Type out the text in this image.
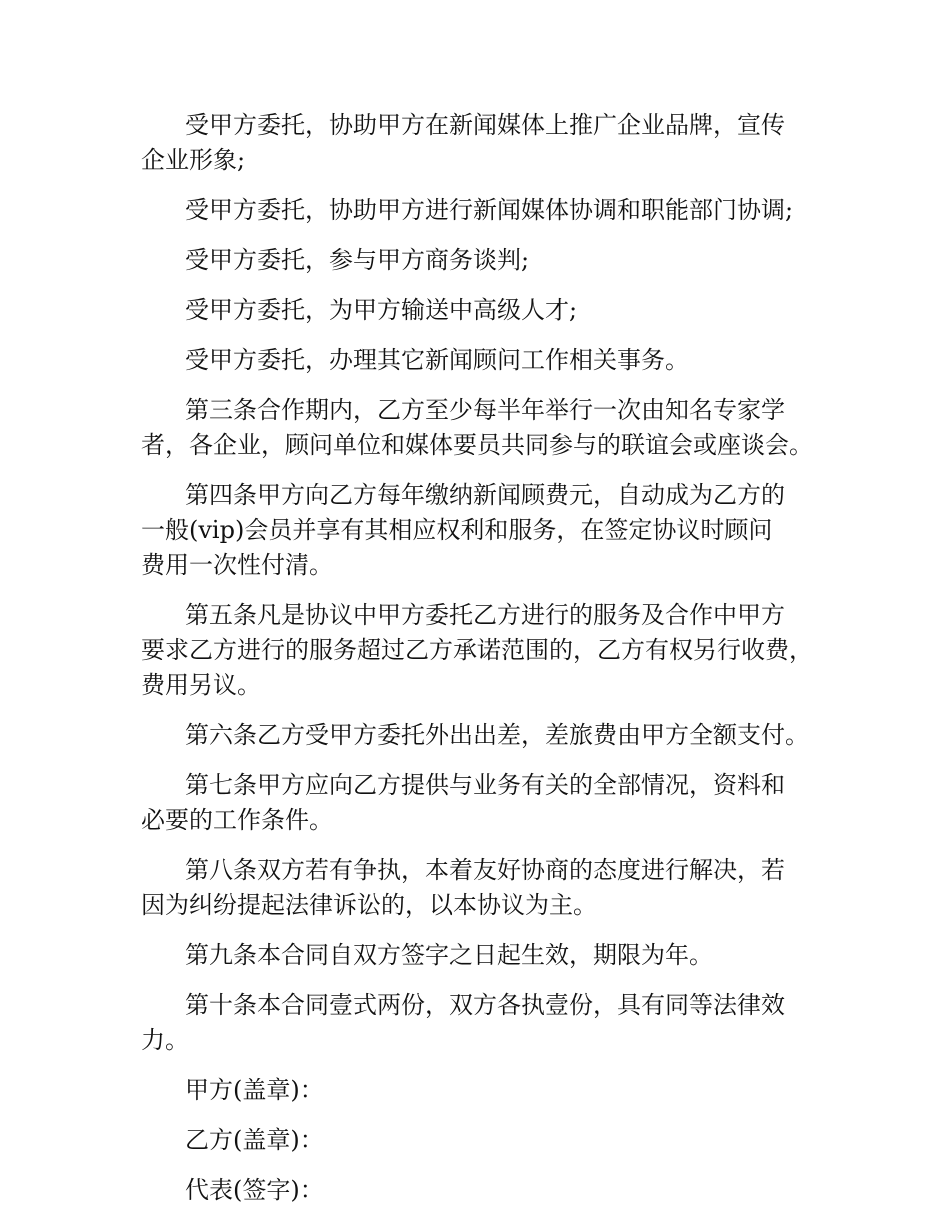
受甲方委托，协助甲方在新闻媒体上推广企业品牌，宣传
企业形象;

受甲方委托，协助甲方进行新闻媒体协调和职能部门协调;

受甲方委托，参与甲方商务谈判;

受甲方委托，为甲方输送中高级人才;

受甲方委托，办理其它新闻顾问工作相关事务。

第三条合作期内，乙方至少每半年举行一次由知名专家学
者，各企业，顾问单位和媒体要员共同参与的联谊会或座谈会。

第四条甲方向乙方每年缴纳新闻顾费元，自动成为乙方的
一般(vip)会员并享有其相应权利和服务，在签定协议时顾问
费用一次性付清。

第五条凡是协议中甲方委托乙方进行的服务及合作中甲方
要求乙方进行的服务超过乙方承诺范围的，乙方有权另行收费，
费用另议。

第六条乙方受甲方委托外出出差，差旅费由甲方全额支付。

第七条甲方应向乙方提供与业务有关的全部情况，资料和
必要的工作条件。

第八条双方若有争执，本着友好协商的态度进行解决，若
因为纠纷提起法律诉讼的，以本协议为主。

第九条本合同自双方签字之日起生效，期限为年。

第十条本合同壹式两份，双方各执壹份，具有同等法律效
力。

甲方(盖章)：

乙方(盖章)：

代表(签字)：
